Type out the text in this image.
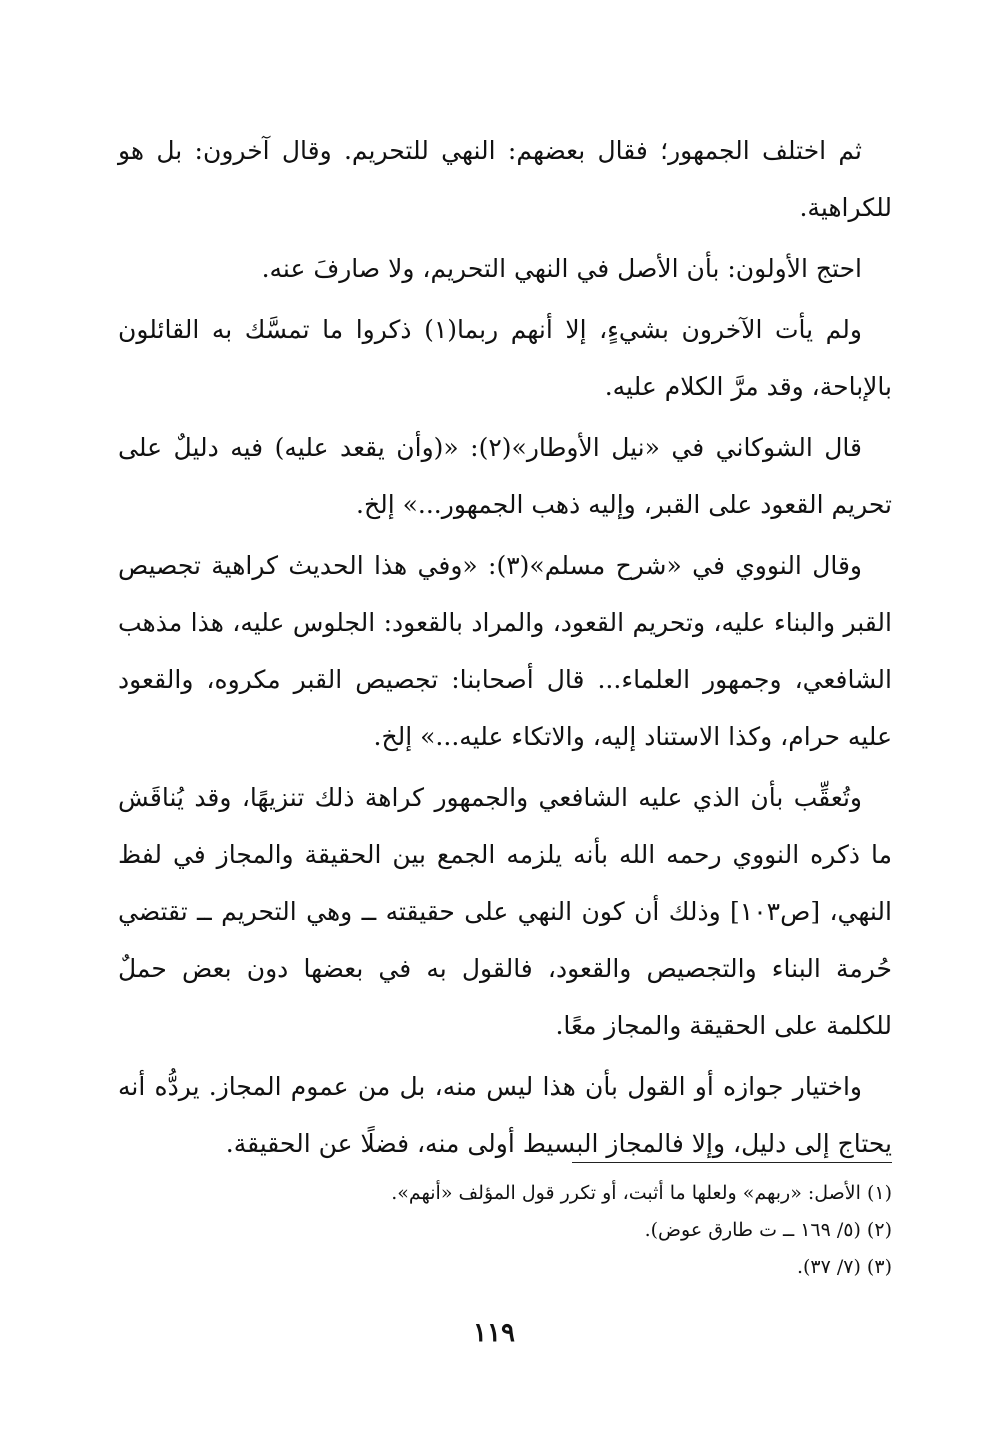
ثم اختلف الجمهور؛ فقال بعضهم: النهي للتحريم. وقال آخرون: بل هو للكراهية.

احتج الأولون: بأن الأصل في النهي التحريم، ولا صارفَ عنه.

ولم يأت الآخرون بشيءٍ، إلا أنهم ربما(١) ذكروا ما تمسَّك به القائلون بالإباحة، وقد مرَّ الكلام عليه.

قال الشوكاني في «نيل الأوطار»(٢): «(وأن يقعد عليه) فيه دليلٌ على تحريم القعود على القبر، وإليه ذهب الجمهور...» إلخ.

وقال النووي في «شرح مسلم»(٣): «وفي هذا الحديث كراهية تجصيص القبر والبناء عليه، وتحريم القعود، والمراد بالقعود: الجلوس عليه، هذا مذهب الشافعي، وجمهور العلماء... قال أصحابنا: تجصيص القبر مكروه، والقعود عليه حرام، وكذا الاستناد إليه، والاتكاء عليه...» إلخ.

وتُعقِّب بأن الذي عليه الشافعي والجمهور كراهة ذلك تنزيهًا، وقد يُناقَش ما ذكره النووي رحمه الله بأنه يلزمه الجمع بين الحقيقة والمجاز في لفظ النهي، [ص١٠٣] وذلك أن كون النهي على حقيقته ــ وهي التحريم ــ تقتضي حُرمة البناء والتجصيص والقعود، فالقول به في بعضها دون بعض حملٌ للكلمة على الحقيقة والمجاز معًا.

واختيار جوازه أو القول بأن هذا ليس منه، بل من عموم المجاز. يردُّه أنه يحتاج إلى دليل، وإلا فالمجاز البسيط أولى منه، فضلًا عن الحقيقة.

(١) الأصل: «ربهم» ولعلها ما أثبت، أو تكرر قول المؤلف «أنهم».

(٢) (٥/ ١٦٩ ــ ت طارق عوض).

(٣) (٧/ ٣٧).

١١٩
